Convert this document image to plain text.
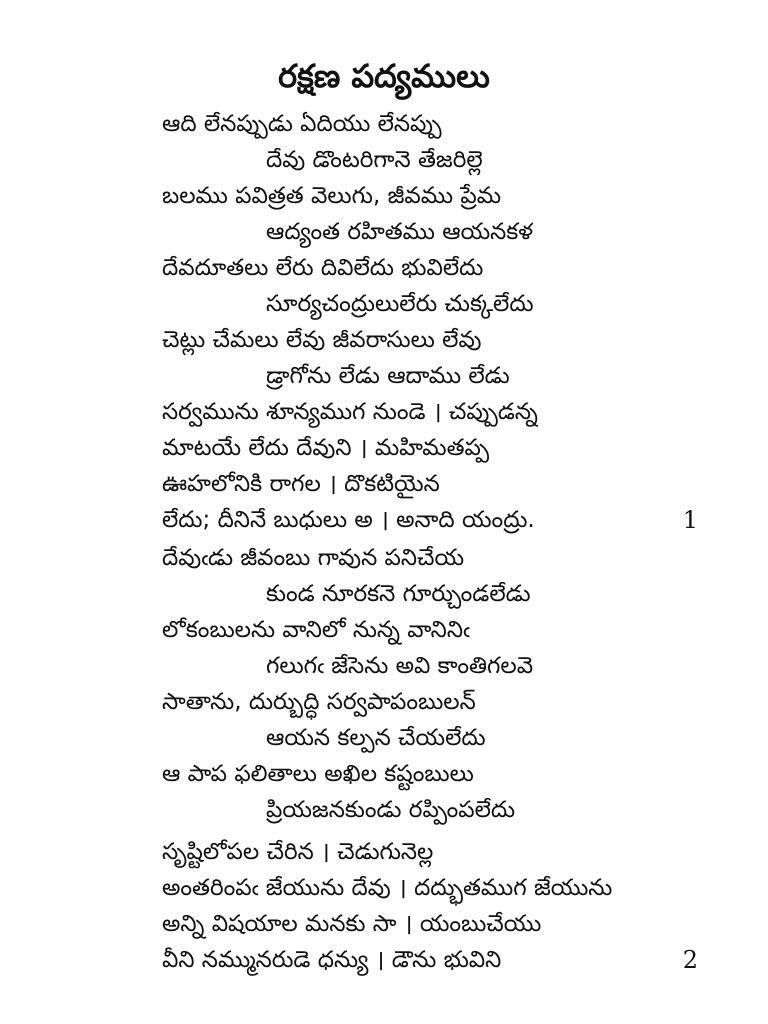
రక్షణ పద్యములు
ఆది లేనప్పుడు ఏదియు లేనప్పు
దేవు డొంటరిగానె తేజరిల్లె
బలము పవిత్రత వెలుగు, జీవము ప్రేమ
ఆద్యంత రహితము ఆయనకళ
దేవదూతలు లేరు దివిలేదు భువిలేదు
సూర్యచంద్రులులేరు చుక్కలేదు
చెట్లు చేమలు లేవు జీవరాసులు లేవు
డ్రాగోను లేడు ఆదాము లేడు
సర్వమును శూన్యముగ నుండె । చప్పుడన్న
మాటయే లేదు దేవుని । మహిమతప్ప
ఊహలోనికి రాగల । దొకటియైన
లేదు; దీనినే బుధులు అ । అనాది యంద్రు.	1
దేవుఁడు జీవంబు గావున పనిచేయ
కుండ నూరకనె గూర్చుండలేడు
లోకంబులను వానిలో నున్న వానినిఁ
గలుగఁ జేసెను అవి కాంతిగలవె
సాతాను, దుర్బుద్ధి సర్వపాపంబులన్
ఆయన కల్పన చేయలేదు
ఆ పాప ఫలితాలు అఖిల కష్టంబులు
ప్రియజనకుండు రప్పింపలేదు
సృష్టిలోపల చేరిన । చెడుగునెల్ల
అంతరింపఁ జేయును దేవు । దద్భుతముగ జేయును
అన్ని విషయాల మనకు సా । యంబుచేయు
వీని నమ్మునరుడె ధన్యు । డౌను భువిని	2
